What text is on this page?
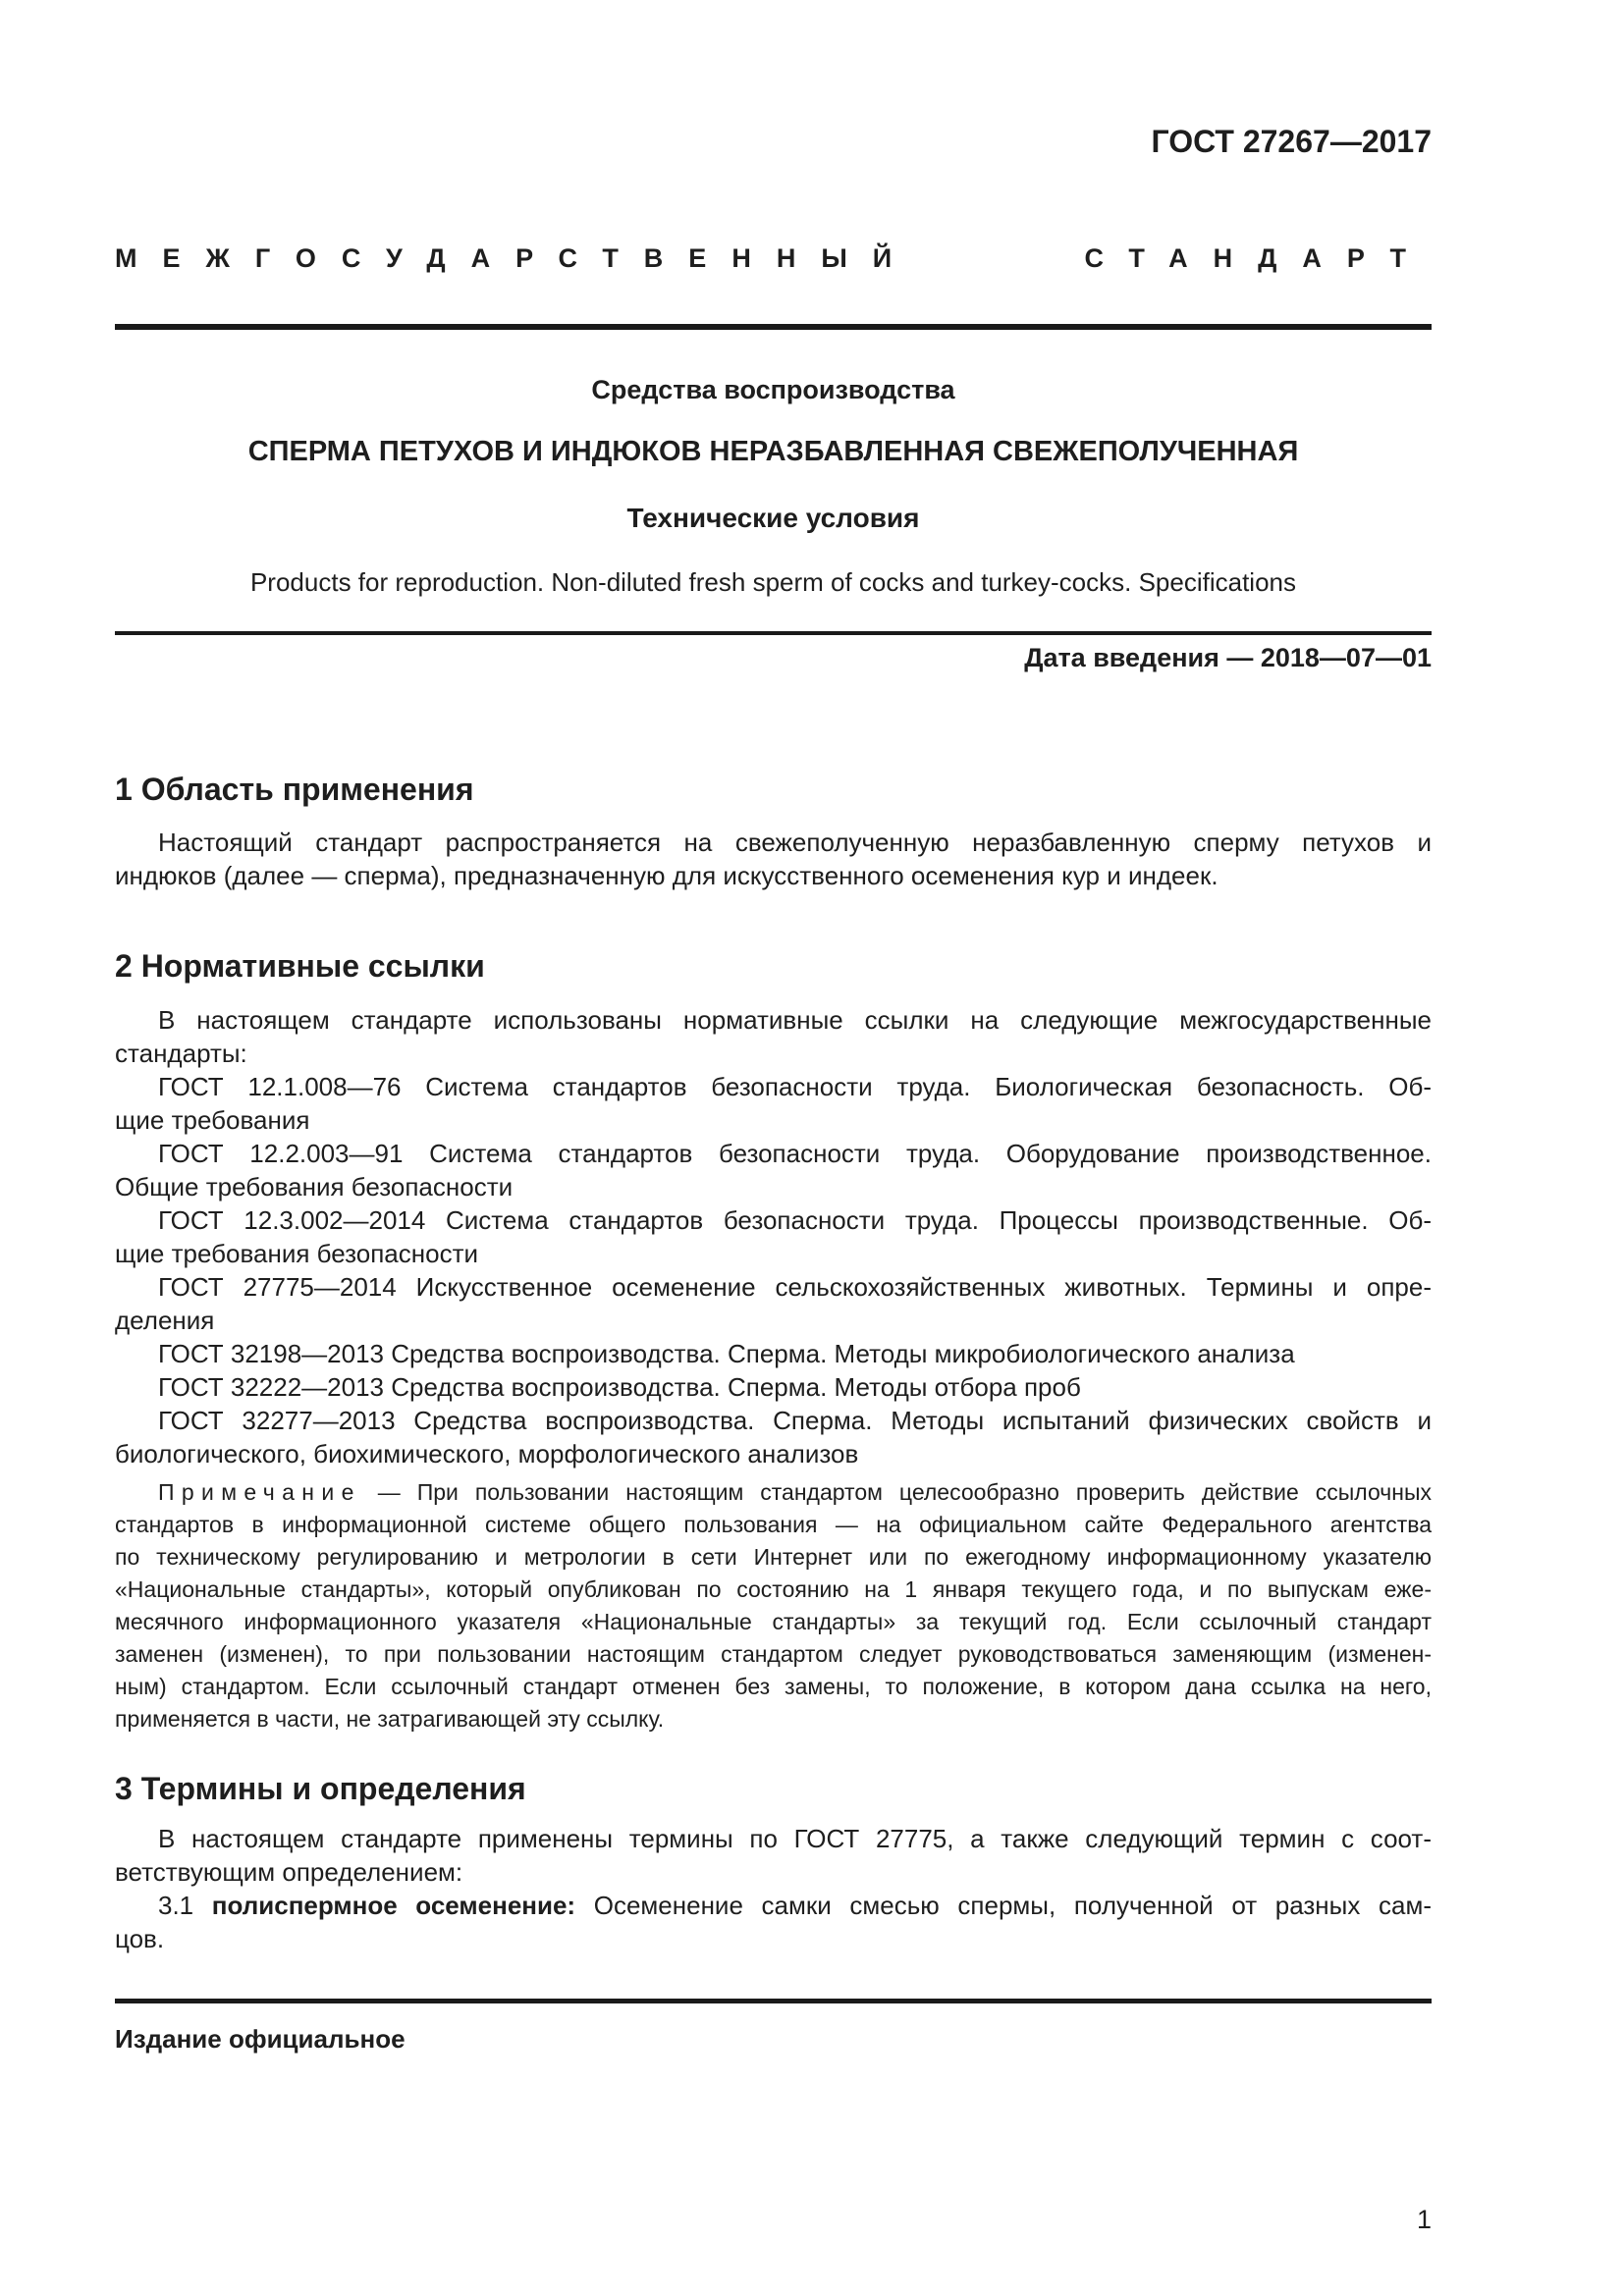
ГОСТ 27267—2017
МЕЖГОСУДАРСТВЕННЫЙ СТАНДАРТ
Средства воспроизводства
СПЕРМА ПЕТУХОВ И ИНДЮКОВ НЕРАЗБАВЛЕННАЯ СВЕЖЕПОЛУЧЕННАЯ
Технические условия
Products for reproduction. Non-diluted fresh sperm of cocks and turkey-cocks. Specifications
Дата введения — 2018—07—01
1 Область применения
Настоящий стандарт распространяется на свежеполученную неразбавленную сперму петухов и
индюков (далее — сперма), предназначенную для искусственного осеменения кур и индеек.
2 Нормативные ссылки
В настоящем стандарте использованы нормативные ссылки на следующие межгосударственные
стандарты:
ГОСТ 12.1.008—76 Система стандартов безопасности труда. Биологическая безопасность. Об-
щие требования
ГОСТ 12.2.003—91 Система стандартов безопасности труда. Оборудование производственное.
Общие требования безопасности
ГОСТ 12.3.002—2014 Система стандартов безопасности труда. Процессы производственные. Об-
щие требования безопасности
ГОСТ 27775—2014 Искусственное осеменение сельскохозяйственных животных. Термины и опре-
деления
ГОСТ 32198—2013 Средства воспроизводства. Сперма. Методы микробиологического анализа
ГОСТ 32222—2013 Средства воспроизводства. Сперма. Методы отбора проб
ГОСТ 32277—2013 Средства воспроизводства. Сперма. Методы испытаний физических свойств и
биологического, биохимического, морфологического анализов
Примечание — При пользовании настоящим стандартом целесообразно проверить действие ссылочных
стандартов в информационной системе общего пользования — на официальном сайте Федерального агентства
по техническому регулированию и метрологии в сети Интернет или по ежегодному информационному указателю
«Национальные стандарты», который опубликован по состоянию на 1 января текущего года, и по выпускам еже-
месячного информационного указателя «Национальные стандарты» за текущий год. Если ссылочный стандарт
заменен (изменен), то при пользовании настоящим стандартом следует руководствоваться заменяющим (изменен-
ным) стандартом. Если ссылочный стандарт отменен без замены, то положение, в котором дана ссылка на него,
применяется в части, не затрагивающей эту ссылку.
3 Термины и определения
В настоящем стандарте применены термины по ГОСТ 27775, а также следующий термин с соот-
ветствующим определением:
3.1 полиспермное осеменение: Осеменение самки смесью спермы, полученной от разных сам-
цов.
Издание официальное
1
